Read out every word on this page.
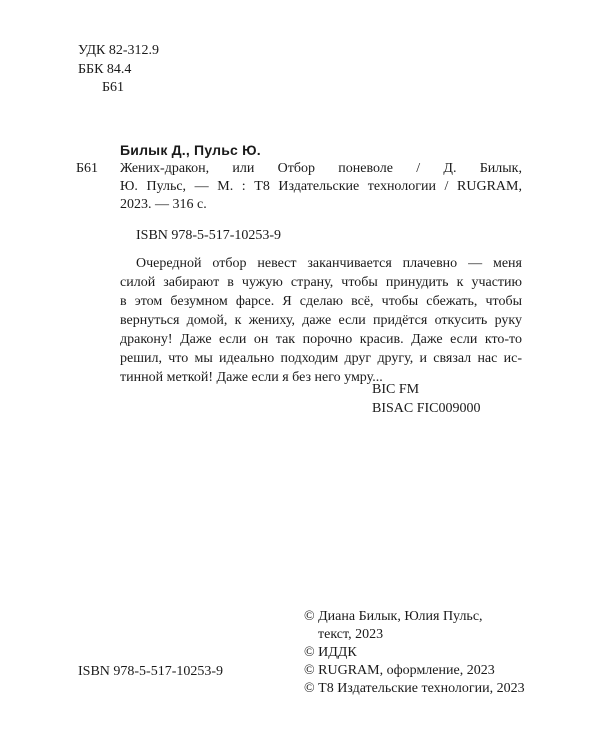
УДК 82-312.9
ББК 84.4
Б61
Билык Д., Пульс Ю.
Б61 Жених-дракон, или Отбор поневоле / Д. Билык,
Ю. Пульс, — М. : Т8 Издательские технологии / RUGRAM,
2023. — 316 с.
ISBN 978-5-517-10253-9
Очередной отбор невест заканчивается плачевно — меня
силой забирают в чужую страну, чтобы принудить к участию
в этом безумном фарсе. Я сделаю всё, чтобы сбежать, чтобы
вернуться домой, к жениху, даже если придётся откусить руку
дракону! Даже если он так порочно красив. Даже если кто-то
решил, что мы идеально подходим друг другу, и связал нас ис-
тинной меткой! Даже если я без него умру...
BIC FM
BISAC FIC009000
© Диана Билык, Юлия Пульс,
текст, 2023
© ИДДК
© RUGRAM, оформление, 2023
© Т8 Издательские технологии, 2023
ISBN 978-5-517-10253-9
